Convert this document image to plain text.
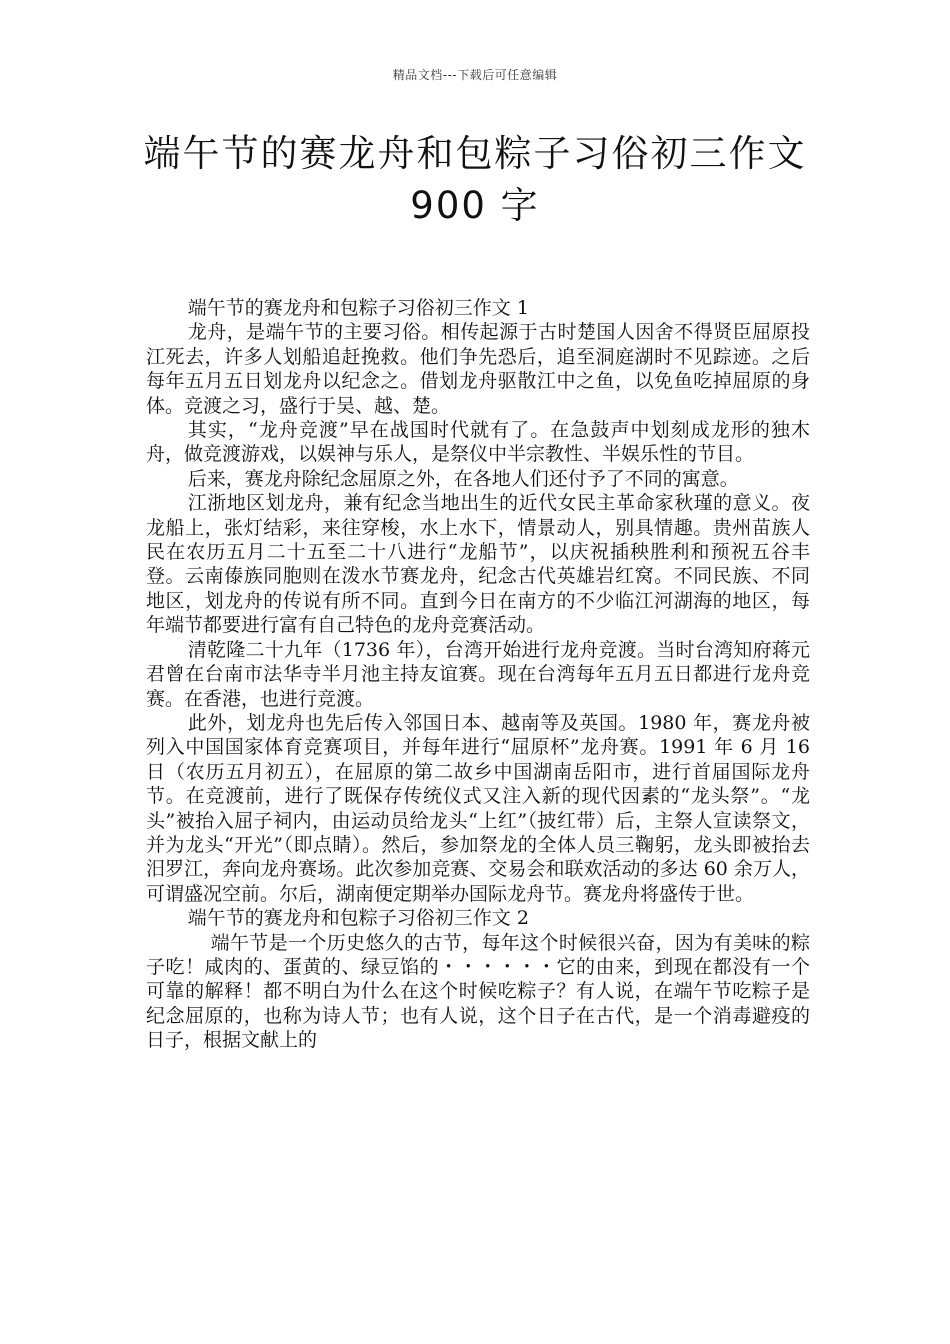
精品文档---下载后可任意编辑
端午节的赛龙舟和包粽子习俗初三作文
900 字

端午节的赛龙舟和包粽子习俗初三作文 1

龙舟，是端午节的主要习俗。相传起源于古时楚国人因舍不得贤臣屈原投江死去，许多人划船追赶挽救。他们争先恐后，追至洞庭湖时不见踪迹。之后每年五月五日划龙舟以纪念之。借划龙舟驱散江中之鱼，以免鱼吃掉屈原的身体。竞渡之习，盛行于吴、越、楚。

其实，“龙舟竞渡”早在战国时代就有了。在急鼓声中划刻成龙形的独木舟，做竞渡游戏，以娱神与乐人，是祭仪中半宗教性、半娱乐性的节目。

后来，赛龙舟除纪念屈原之外，在各地人们还付予了不同的寓意。

江浙地区划龙舟，兼有纪念当地出生的近代女民主革命家秋瑾的意义。夜龙船上，张灯结彩，来往穿梭，水上水下，情景动人，别具情趣。贵州苗族人民在农历五月二十五至二十八进行“龙船节”，以庆祝插秧胜利和预祝五谷丰登。云南傣族同胞则在泼水节赛龙舟，纪念古代英雄岩红窝。不同民族、不同地区，划龙舟的传说有所不同。直到今日在南方的不少临江河湖海的地区，每年端节都要进行富有自己特色的龙舟竞赛活动。

清乾隆二十九年（1736 年），台湾开始进行龙舟竞渡。当时台湾知府蒋元君曾在台南市法华寺半月池主持友谊赛。现在台湾每年五月五日都进行龙舟竞赛。在香港，也进行竞渡。

此外，划龙舟也先后传入邻国日本、越南等及英国。1980 年，赛龙舟被列入中国国家体育竞赛项目，并每年进行“屈原杯”龙舟赛。1991 年 6 月 16 日（农历五月初五），在屈原的第二故乡中国湖南岳阳市，进行首届国际龙舟节。在竞渡前，进行了既保存传统仪式又注入新的现代因素的“龙头祭”。“龙头”被抬入屈子祠内，由运动员给龙头“上红”（披红带）后，主祭人宣读祭文，并为龙头“开光”（即点睛）。然后，参加祭龙的全体人员三鞠躬，龙头即被抬去汨罗江，奔向龙舟赛场。此次参加竞赛、交易会和联欢活动的多达 60 余万人，可谓盛况空前。尔后，湖南便定期举办国际龙舟节。赛龙舟将盛传于世。

端午节的赛龙舟和包粽子习俗初三作文 2

端午节是一个历史悠久的古节，每年这个时候很兴奋，因为有美味的粽子吃！咸肉的、蛋黄的、绿豆馅的・・・・・・它的由来，到现在都没有一个可靠的解释！都不明白为什么在这个时候吃粽子？有人说，在端午节吃粽子是纪念屈原的，也称为诗人节；也有人说，这个日子在古代，是一个消毒避疫的日子，根据文献上的
